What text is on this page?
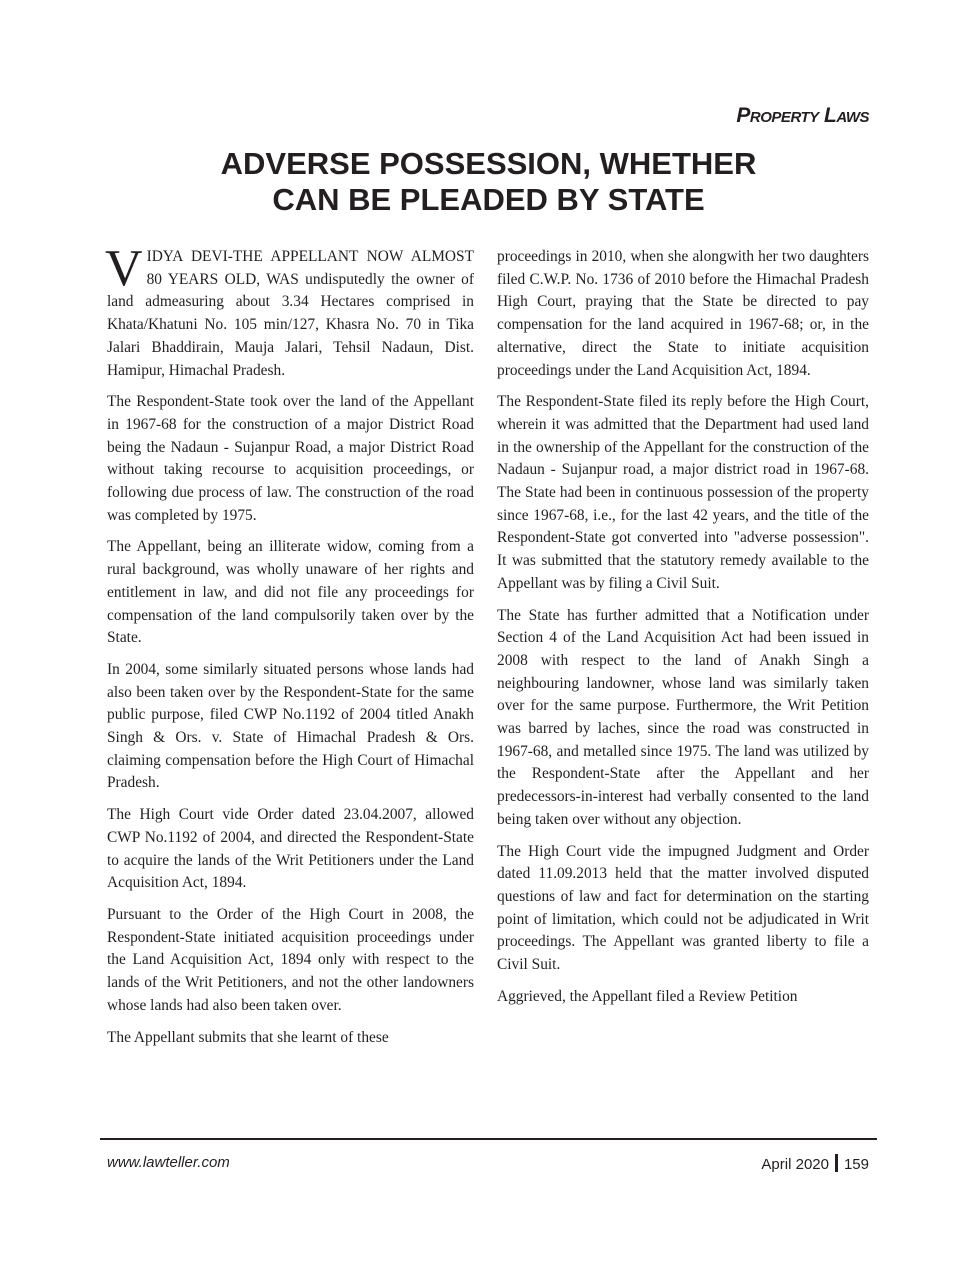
Property Laws
ADVERSE POSSESSION, WHETHER
CAN BE PLEADED BY STATE

VIDYA DEVI-THE APPELLANT NOW ALMOST 80 YEARS OLD, WAS undisputedly the owner of land admeasuring about 3.34 Hectares comprised in Khata/Khatuni No. 105 min/127, Khasra No. 70 in Tika Jalari Bhaddirain, Mauja Jalari, Tehsil Nadaun, Dist. Hamipur, Himachal Pradesh.

The Respondent-State took over the land of the Appellant in 1967-68 for the construction of a major District Road being the Nadaun - Sujanpur Road, a major District Road without taking recourse to acquisition proceedings, or following due process of law. The construction of the road was completed by 1975.

The Appellant, being an illiterate widow, coming from a rural background, was wholly unaware of her rights and entitlement in law, and did not file any proceedings for compensation of the land compulsorily taken over by the State.

In 2004, some similarly situated persons whose lands had also been taken over by the Respondent-State for the same public purpose, filed CWP No.1192 of 2004 titled Anakh Singh & Ors. v. State of Himachal Pradesh & Ors. claiming compensation before the High Court of Himachal Pradesh.

The High Court vide Order dated 23.04.2007, allowed CWP No.1192 of 2004, and directed the Respondent-State to acquire the lands of the Writ Petitioners under the Land Acquisition Act, 1894.

Pursuant to the Order of the High Court in 2008, the Respondent-State initiated acquisition proceedings under the Land Acquisition Act, 1894 only with respect to the lands of the Writ Petitioners, and not the other landowners whose lands had also been taken over.

The Appellant submits that she learnt of these

proceedings in 2010, when she alongwith her two daughters filed C.W.P. No. 1736 of 2010 before the Himachal Pradesh High Court, praying that the State be directed to pay compensation for the land acquired in 1967-68; or, in the alternative, direct the State to initiate acquisition proceedings under the Land Acquisition Act, 1894.

The Respondent-State filed its reply before the High Court, wherein it was admitted that the Department had used land in the ownership of the Appellant for the construction of the Nadaun - Sujanpur road, a major district road in 1967-68. The State had been in continuous possession of the property since 1967-68, i.e., for the last 42 years, and the title of the Respondent-State got converted into "adverse possession". It was submitted that the statutory remedy available to the Appellant was by filing a Civil Suit.

The State has further admitted that a Notification under Section 4 of the Land Acquisition Act had been issued in 2008 with respect to the land of Anakh Singh a neighbouring landowner, whose land was similarly taken over for the same purpose. Furthermore, the Writ Petition was barred by laches, since the road was constructed in 1967-68, and metalled since 1975. The land was utilized by the Respondent-State after the Appellant and her predecessors-in-interest had verbally consented to the land being taken over without any objection.

The High Court vide the impugned Judgment and Order dated 11.09.2013 held that the matter involved disputed questions of law and fact for determination on the starting point of limitation, which could not be adjudicated in Writ proceedings. The Appellant was granted liberty to file a Civil Suit.

Aggrieved, the Appellant filed a Review Petition

www.lawteller.com	April 2020 159
